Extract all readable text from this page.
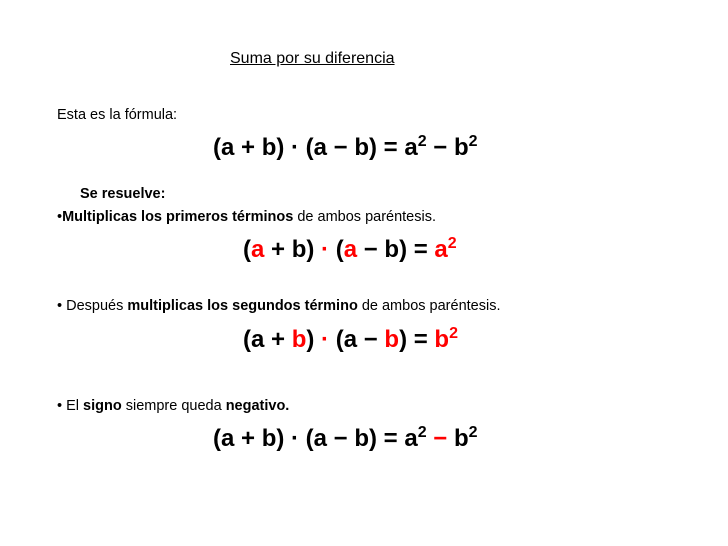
Suma por su diferencia
Esta es la fórmula:
$(a + b) \cdot (a - b) = a^2 - b^2$
Se resuelve:
•Multiplicas los primeros términos de ambos paréntesis.
$(a + b) \cdot (a - b) = a^2$
• Después multiplicas los segundos término de ambos paréntesis.
$(a + b) \cdot (a - b) = b^2$
• El signo siempre queda negativo.
$(a + b) \cdot (a - b) = a^2 - b^2$
